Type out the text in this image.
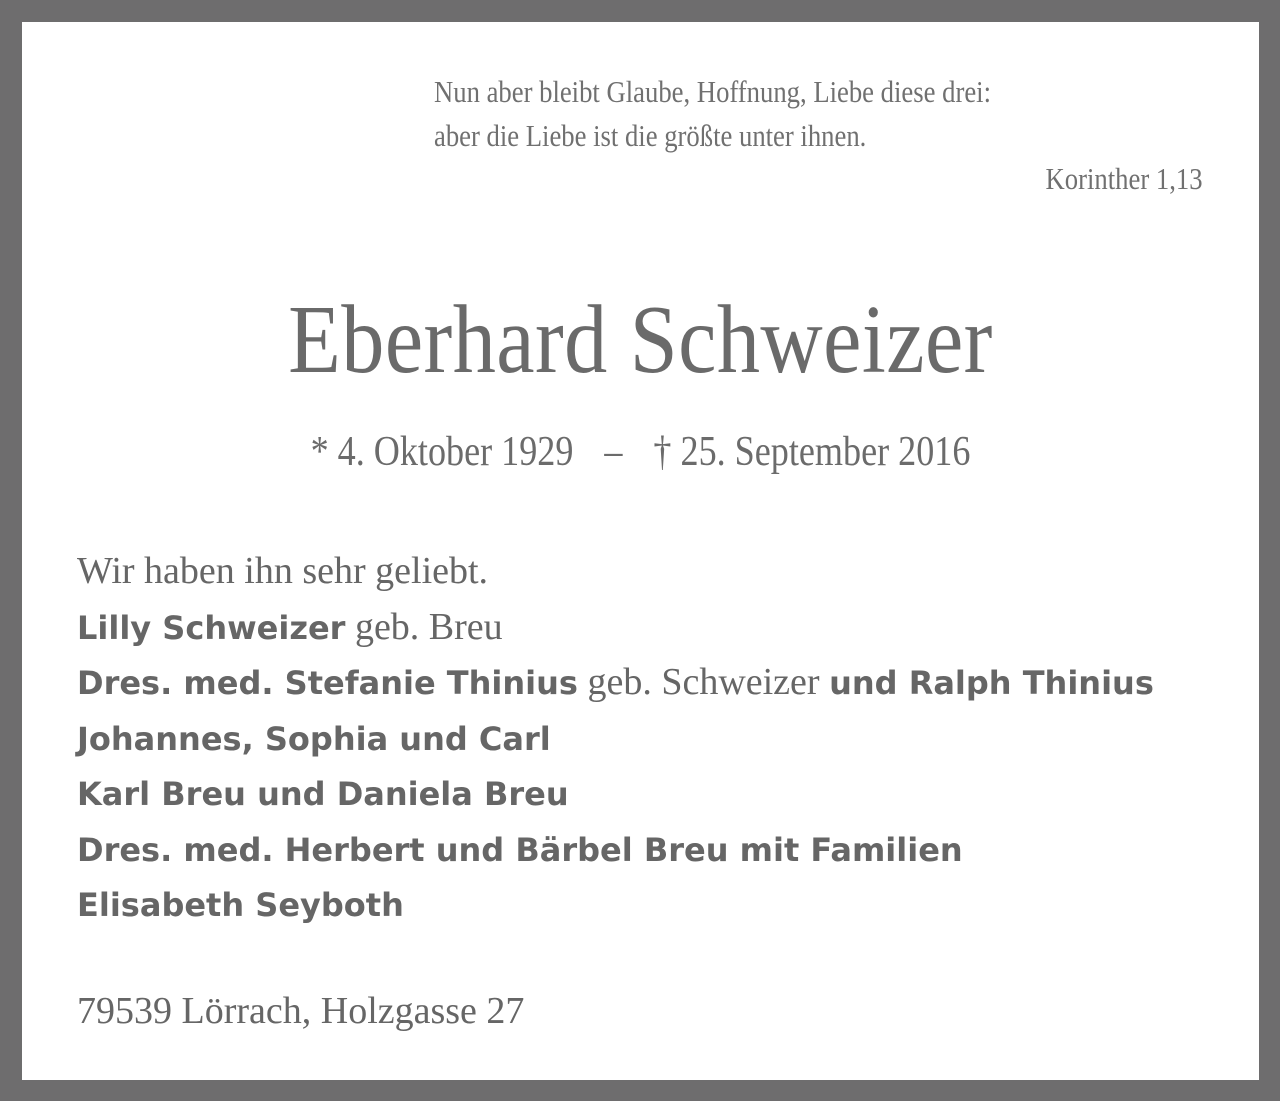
Nun aber bleibt Glaube, Hoffnung, Liebe diese drei:
aber die Liebe ist die größte unter ihnen.
Korinther 1,13
Eberhard Schweizer
* 4. Oktober 1929 – † 25. September 2016
Wir haben ihn sehr geliebt.
Lilly Schweizer geb. Breu
Dres. med. Stefanie Thinius geb. Schweizer und Ralph Thinius
Johannes, Sophia und Carl
Karl Breu und Daniela Breu
Dres. med. Herbert und Bärbel Breu mit Familien
Elisabeth Seyboth
79539 Lörrach, Holzgasse 27
